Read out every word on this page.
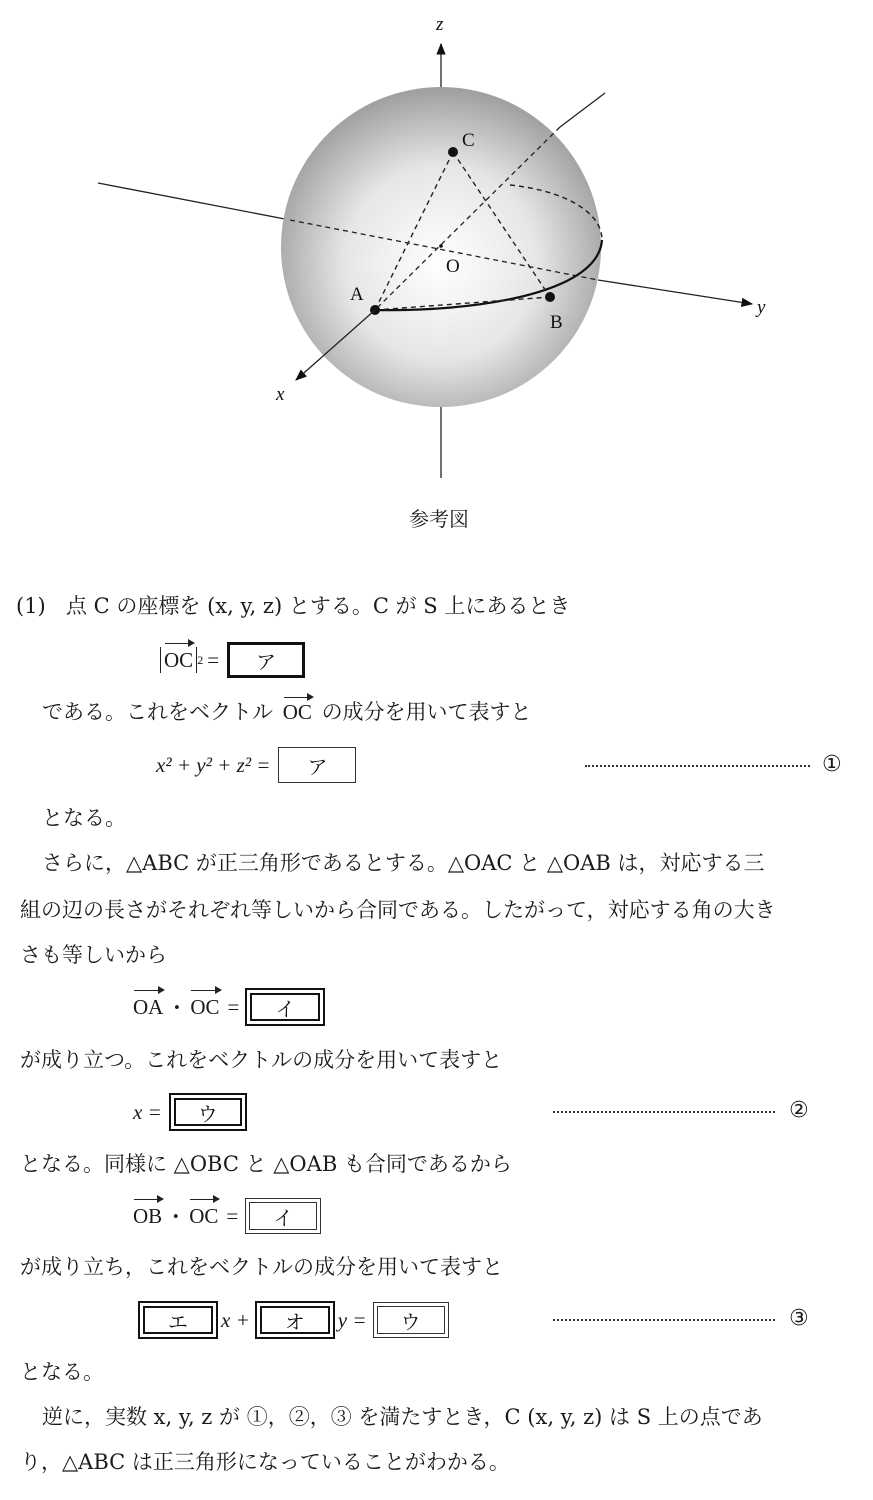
z
y
x
O
A
B
C
参考図
(1) 点 C の座標を (x, y, z) とする。C が S 上にあるとき
OC 2 =	ア
である。これをベクトル OC の成分を用いて表すと
x² + y² + z² =	ア	①
となる。
さらに，△ABC が正三角形であるとする。△OAC と △OAB は，対応する三
組の辺の長さがそれぞれ等しいから合同である。したがって，対応する角の大き
さも等しいから
OA ・ OC =	イ
が成り立つ。これをベクトルの成分を用いて表すと
x =	ウ	②
となる。同様に △OBC と △OAB も合同であるから
OB ・ OC =	イ
が成り立ち，これをベクトルの成分を用いて表すと
エ	x +	オ	y =	ウ	③
となる。
逆に，実数 x, y, z が ①，②，③ を満たすとき，C (x, y, z) は S 上の点であ
り，△ABC は正三角形になっていることがわかる。
